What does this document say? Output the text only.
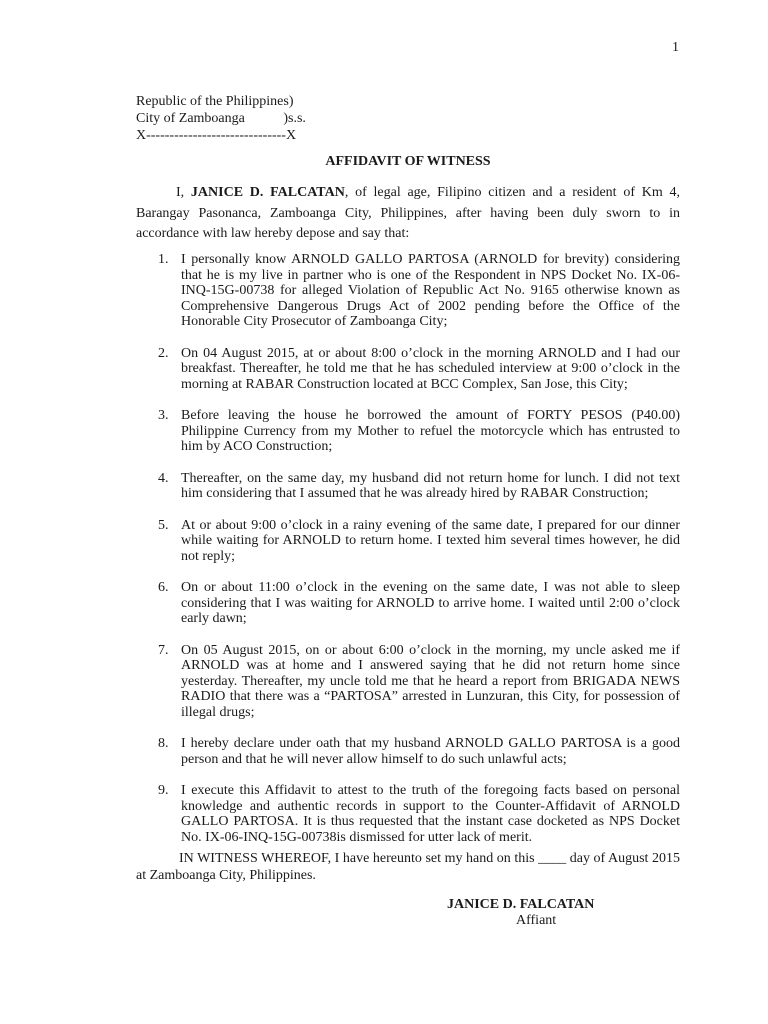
1
Republic of the Philippines)
City of Zamboanga           )s.s.
X------------------------------X
AFFIDAVIT OF WITNESS
I, JANICE D. FALCATAN, of legal age, Filipino citizen and a resident of Km 4, Barangay Pasonanca, Zamboanga City, Philippines, after having been duly sworn to in accordance with law hereby depose and say that:
1. I personally know ARNOLD GALLO PARTOSA (ARNOLD for brevity) considering that he is my live in partner who is one of the Respondent in NPS Docket No. IX-06-INQ-15G-00738 for alleged Violation of Republic Act No. 9165 otherwise known as Comprehensive Dangerous Drugs Act of 2002 pending before the Office of the Honorable City Prosecutor of Zamboanga City;
2. On 04 August 2015, at or about 8:00 o’clock in the morning ARNOLD and I had our breakfast. Thereafter, he told me that he has scheduled interview at 9:00 o’clock in the morning at RABAR Construction located at BCC Complex, San Jose, this City;
3. Before leaving the house he borrowed the amount of FORTY PESOS (P40.00) Philippine Currency from my Mother to refuel the motorcycle which has entrusted to him by ACO Construction;
4. Thereafter, on the same day, my husband did not return home for lunch. I did not text him considering that I assumed that he was already hired by RABAR Construction;
5. At or about 9:00 o’clock in a rainy evening of the same date, I prepared for our dinner while waiting for ARNOLD to return home. I texted him several times however, he did not reply;
6. On or about 11:00 o’clock in the evening on the same date, I was not able to sleep considering that I was waiting for ARNOLD to arrive home. I waited until 2:00 o’clock early dawn;
7. On 05 August 2015, on or about 6:00 o’clock in the morning, my uncle asked me if ARNOLD was at home and I answered saying that he did not return home since yesterday. Thereafter, my uncle told me that he heard a report from BRIGADA NEWS RADIO that there was a “PARTOSA” arrested in Lunzuran, this City, for possession of illegal drugs;
8. I hereby declare under oath that my husband ARNOLD GALLO PARTOSA is a good person and that he will never allow himself to do such unlawful acts;
9. I execute this Affidavit to attest to the truth of the foregoing facts based on personal knowledge and authentic records in support to the Counter-Affidavit of ARNOLD GALLO PARTOSA. It is thus requested that the instant case docketed as NPS Docket No. IX-06-INQ-15G-00738is dismissed for utter lack of merit.
IN WITNESS WHEREOF, I have hereunto set my hand on this ____ day of August 2015 at Zamboanga City, Philippines.
JANICE D. FALCATAN
Affiant
